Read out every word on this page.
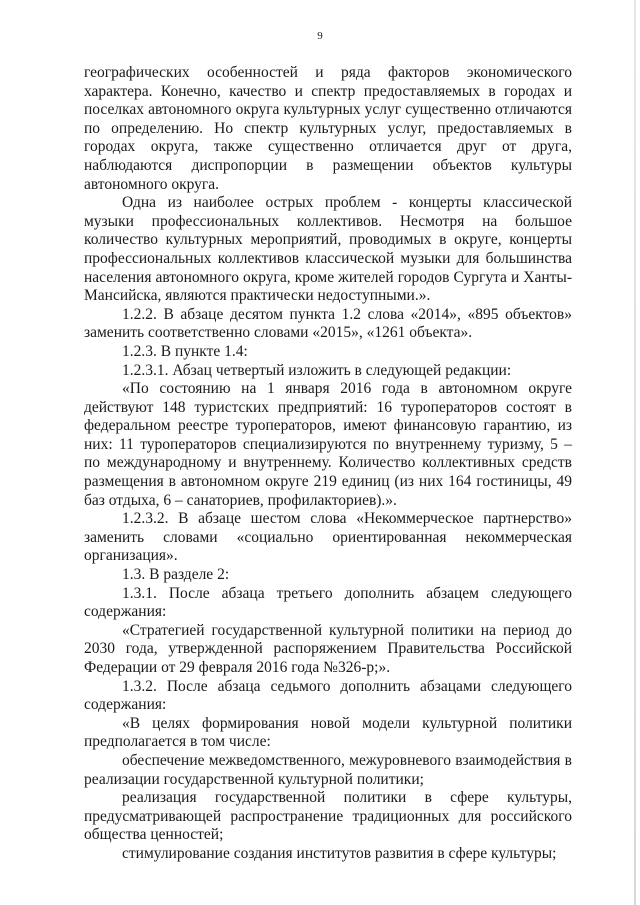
9

географических особенностей и ряда факторов экономического характера. Конечно, качество и спектр предоставляемых в городах и поселках автономного округа культурных услуг существенно отличаются по определению. Но спектр культурных услуг, предоставляемых в городах округа, также существенно отличается друг от друга, наблюдаются диспропорции в размещении объектов культуры автономного округа.

Одна из наиболее острых проблем - концерты классической музыки профессиональных коллективов. Несмотря на большое количество культурных мероприятий, проводимых в округе, концерты профессиональных коллективов классической музыки для большинства населения автономного округа, кроме жителей городов Сургута и Ханты-Мансийска, являются практически недоступными.».

1.2.2. В абзаце десятом пункта 1.2 слова «2014», «895 объектов» заменить соответственно словами «2015», «1261 объекта».

1.2.3. В пункте 1.4:

1.2.3.1. Абзац четвертый изложить в следующей редакции:

«По состоянию на 1 января 2016 года в автономном округе действуют 148 туристских предприятий: 16 туроператоров состоят в федеральном реестре туроператоров, имеют финансовую гарантию, из них: 11 туроператоров специализируются по внутреннему туризму, 5 – по международному и внутреннему. Количество коллективных средств размещения в автономном округе 219 единиц (из них 164 гостиницы, 49 баз отдыха, 6 – санаториев, профилакториев).».

1.2.3.2. В абзаце шестом слова «Некоммерческое партнерство» заменить словами «социально ориентированная некоммерческая организация».

1.3. В разделе 2:

1.3.1. После абзаца третьего дополнить абзацем следующего содержания:

«Стратегией государственной культурной политики на период до 2030 года, утвержденной распоряжением Правительства Российской Федерации от 29 февраля 2016 года №326-р;».

1.3.2. После абзаца седьмого дополнить абзацами следующего содержания:

«В целях формирования новой модели культурной политики предполагается в том числе:

обеспечение межведомственного, межуровневого взаимодействия в реализации государственной культурной политики;

реализация государственной политики в сфере культуры, предусматривающей распространение традиционных для российского общества ценностей;

стимулирование создания институтов развития в сфере культуры;
